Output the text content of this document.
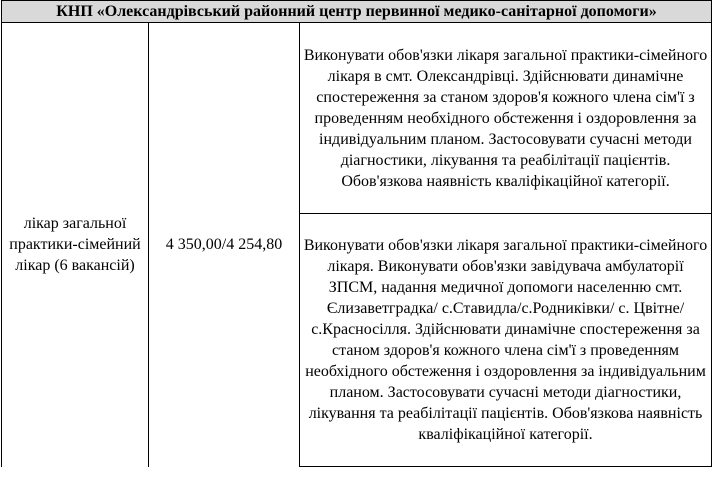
КНП «Олександрівський районний центр первинної медико-санітарної допомоги»
лікар загальної практики-сімейний лікар (6 вакансій)	4 350,00/4 254,80	Виконувати обов'язки лікаря загальної практики-сімейного лікаря в смт. Олександрівці. Здійснювати динамічне спостереження за станом здоров'я кожного члена сім'ї з проведенням необхідного обстеження і оздоровлення за індивідуальним планом. Застосовувати сучасні методи діагностики, лікування та реабілітації пацієнтів. Обов'язкова наявність кваліфікаційної категорії.
Виконувати обов'язки лікаря загальної практики-сімейного лікаря. Виконувати обов'язки завідувача амбулаторії ЗПСМ, надання медичної допомоги населенню смт. Єлизаветградка/ с.Ставидла/с.Родниківки/ с. Цвітне/ с.Красносілля. Здійснювати динамічне спостереження за станом здоров'я кожного члена сім'ї з проведенням необхідного обстеження і оздоровлення за індивідуальним планом. Застосовувати сучасні методи діагностики, лікування та реабілітації пацієнтів. Обов'язкова наявність кваліфікаційної категорії.
